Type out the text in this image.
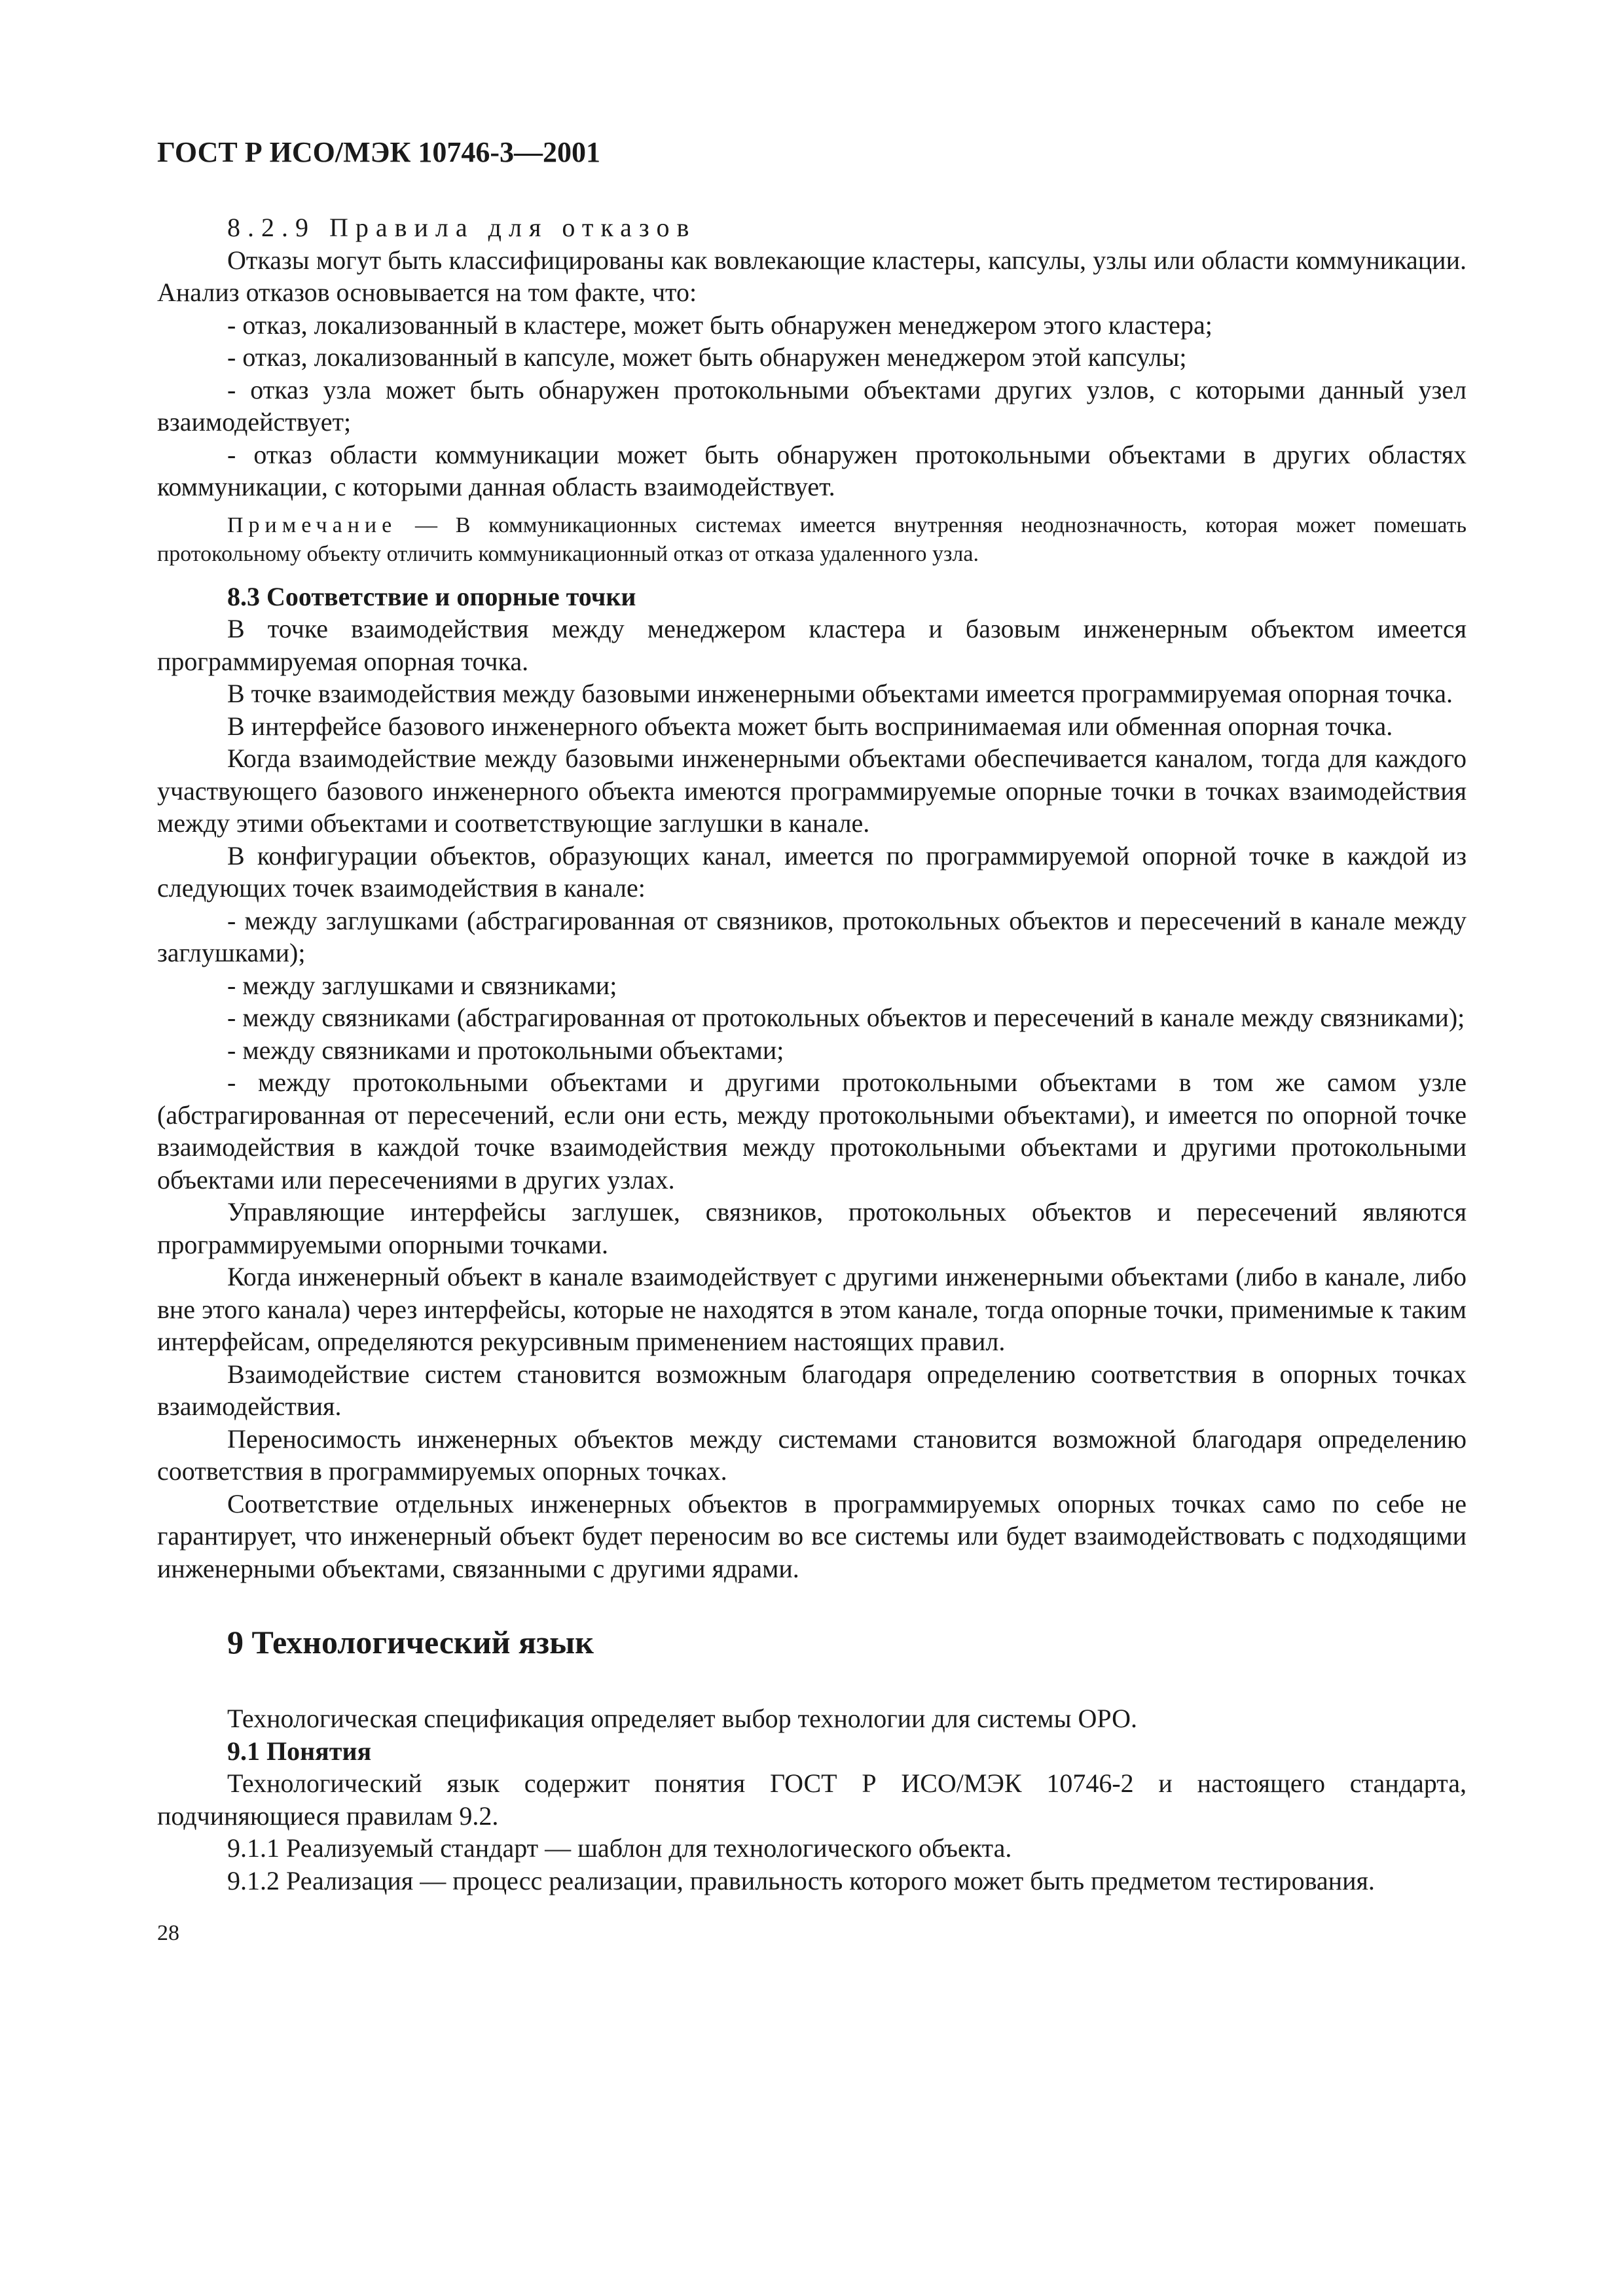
ГОСТ Р ИСО/МЭК 10746-3—2001

8.2.9 Правила для отказов

Отказы могут быть классифицированы как вовлекающие кластеры, капсулы, узлы или области коммуникации. Анализ отказов основывается на том факте, что:

- отказ, локализованный в кластере, может быть обнаружен менеджером этого кластера;

- отказ, локализованный в капсуле, может быть обнаружен менеджером этой капсулы;

- отказ узла может быть обнаружен протокольными объектами других узлов, с которыми данный узел взаимодействует;

- отказ области коммуникации может быть обнаружен протокольными объектами в других областях коммуникации, с которыми данная область взаимодействует.

Примечание — В коммуникационных системах имеется внутренняя неоднозначность, которая может помешать протокольному объекту отличить коммуникационный отказ от отказа удаленного узла.

8.3 Соответствие и опорные точки

В точке взаимодействия между менеджером кластера и базовым инженерным объектом имеется программируемая опорная точка.

В точке взаимодействия между базовыми инженерными объектами имеется программируемая опорная точка.

В интерфейсе базового инженерного объекта может быть воспринимаемая или обменная опорная точка.

Когда взаимодействие между базовыми инженерными объектами обеспечивается каналом, тогда для каждого участвующего базового инженерного объекта имеются программируемые опорные точки в точках взаимодействия между этими объектами и соответствующие заглушки в канале.

В конфигурации объектов, образующих канал, имеется по программируемой опорной точке в каждой из следующих точек взаимодействия в канале:

- между заглушками (абстрагированная от связников, протокольных объектов и пересечений в канале между заглушками);

- между заглушками и связниками;

- между связниками (абстрагированная от протокольных объектов и пересечений в канале между связниками);

- между связниками и протокольными объектами;

- между протокольными объектами и другими протокольными объектами в том же самом узле (абстрагированная от пересечений, если они есть, между протокольными объектами), и имеется по опорной точке взаимодействия в каждой точке взаимодействия между протокольными объектами и другими протокольными объектами или пересечениями в других узлах.

Управляющие интерфейсы заглушек, связников, протокольных объектов и пересечений являются программируемыми опорными точками.

Когда инженерный объект в канале взаимодействует с другими инженерными объектами (либо в канале, либо вне этого канала) через интерфейсы, которые не находятся в этом канале, тогда опорные точки, применимые к таким интерфейсам, определяются рекурсивным применением настоящих правил.

Взаимодействие систем становится возможным благодаря определению соответствия в опорных точках взаимодействия.

Переносимость инженерных объектов между системами становится возможной благодаря определению соответствия в программируемых опорных точках.

Соответствие отдельных инженерных объектов в программируемых опорных точках само по себе не гарантирует, что инженерный объект будет переносим во все системы или будет взаимодействовать с подходящими инженерными объектами, связанными с другими ядрами.

9 Технологический язык

Технологическая спецификация определяет выбор технологии для системы ОРО.

9.1 Понятия

Технологический язык содержит понятия ГОСТ Р ИСО/МЭК 10746-2 и настоящего стандарта, подчиняющиеся правилам 9.2.

9.1.1 Реализуемый стандарт — шаблон для технологического объекта.

9.1.2 Реализация — процесс реализации, правильность которого может быть предметом тестирования.

28
